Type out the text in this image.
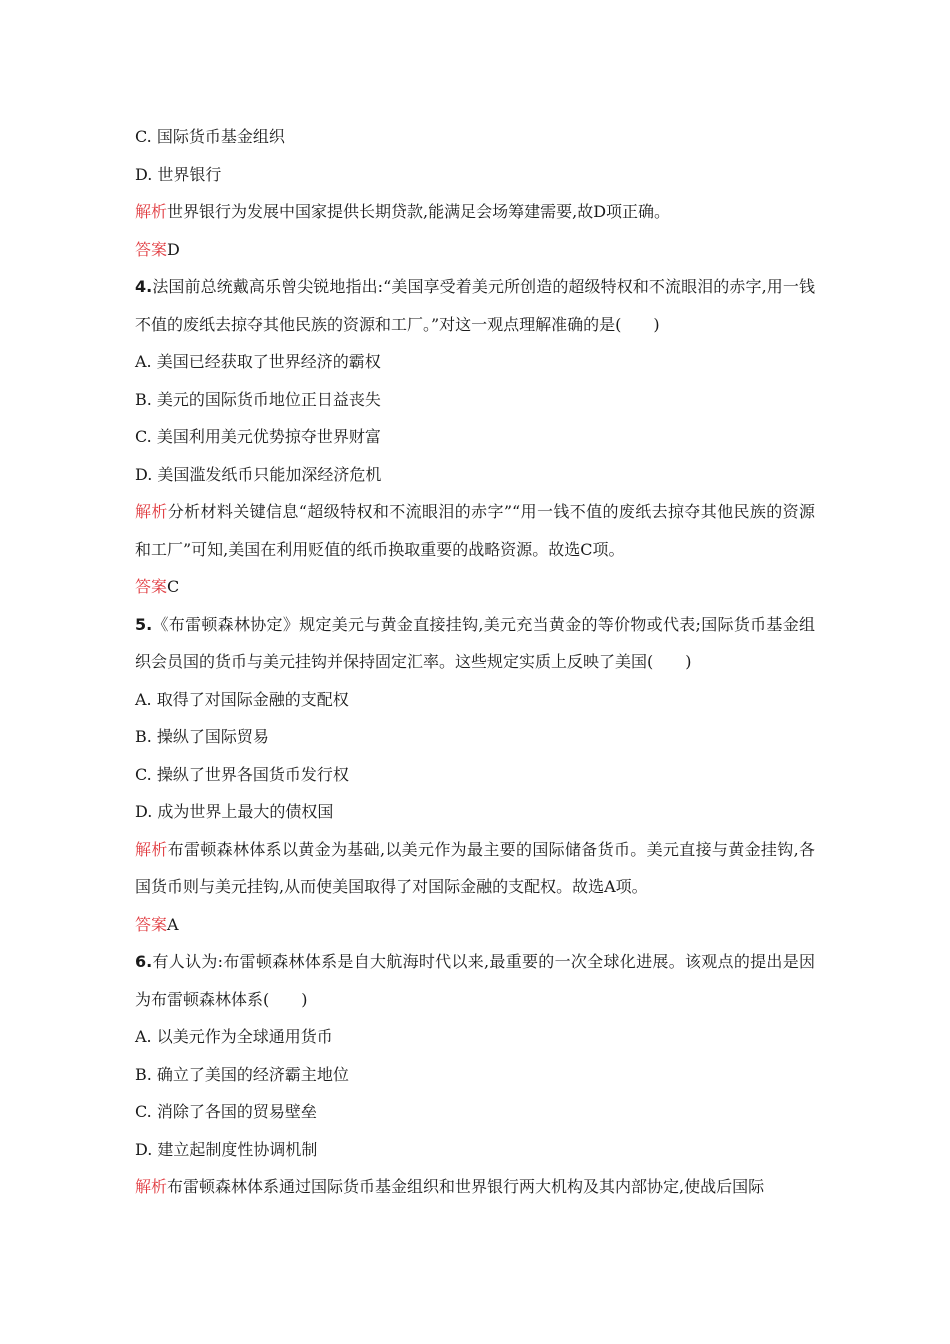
C. 国际货币基金组织
D. 世界银行
解析世界银行为发展中国家提供长期贷款,能满足会场筹建需要,故D项正确。
答案D
4.法国前总统戴高乐曾尖锐地指出:“美国享受着美元所创造的超级特权和不流眼泪的赤字,用一钱不值的废纸去掠夺其他民族的资源和工厂。”对这一观点理解准确的是(　　)
A. 美国已经获取了世界经济的霸权
B. 美元的国际货币地位正日益丧失
C. 美国利用美元优势掠夺世界财富
D. 美国滥发纸币只能加深经济危机
解析分析材料关键信息“超级特权和不流眼泪的赤字”“用一钱不值的废纸去掠夺其他民族的资源和工厂”可知,美国在利用贬值的纸币换取重要的战略资源。故选C项。
答案C
5.《布雷顿森林协定》规定美元与黄金直接挂钩,美元充当黄金的等价物或代表;国际货币基金组织会员国的货币与美元挂钩并保持固定汇率。这些规定实质上反映了美国(　　)
A. 取得了对国际金融的支配权
B. 操纵了国际贸易
C. 操纵了世界各国货币发行权
D. 成为世界上最大的债权国
解析布雷顿森林体系以黄金为基础,以美元作为最主要的国际储备货币。美元直接与黄金挂钩,各国货币则与美元挂钩,从而使美国取得了对国际金融的支配权。故选A项。
答案A
6.有人认为:布雷顿森林体系是自大航海时代以来,最重要的一次全球化进展。该观点的提出是因为布雷顿森林体系(　　)
A. 以美元作为全球通用货币
B. 确立了美国的经济霸主地位
C. 消除了各国的贸易壁垒
D. 建立起制度性协调机制
解析布雷顿森林体系通过国际货币基金组织和世界银行两大机构及其内部协定,使战后国际
